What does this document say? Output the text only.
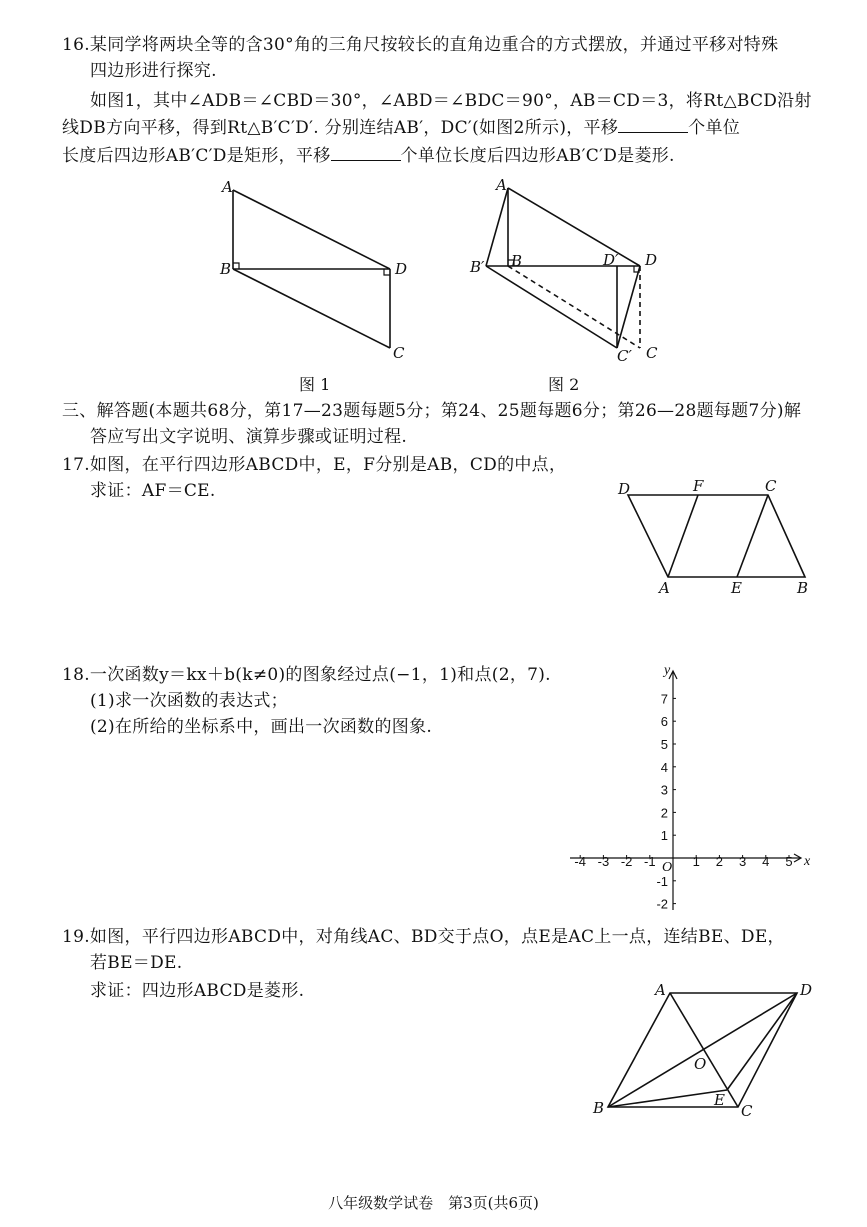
16.某同学将两块全等的含30°角的三角尺按较长的直角边重合的方式摆放，并通过平移对特殊
四边形进行探究.
如图1，其中∠ADB＝∠CBD＝30°，∠ABD＝∠BDC＝90°，AB＝CD＝3，将Rt△BCD沿射
线DB方向平移，得到Rt△B′C′D′. 分别连结AB′，DC′(如图2所示)，平移	个单位
长度后四边形AB′C′D是矩形，平移	个单位长度后四边形AB′C′D是菱形.
A
B	D
C
图 1
A
B′ B	D′ D
C′ C
图 2
三、解答题(本题共68分，第17—23题每题5分；第24、25题每题6分；第26—28题每题7分)解
答应写出文字说明、演算步骤或证明过程.
17.如图，在平行四边形ABCD中，E，F分别是AB，CD的中点，
求证：AF＝CE.	D	F	C
A	E	B
18.一次函数y＝kx＋b(k≠0)的图象经过点(−1，1)和点(2，7).
(1)求一次函数的表达式；
(2)在所给的坐标系中，画出一次函数的图象.
-4 -3 -2 -1	1 2 3 4 5
7
6
5
4
3
2
1
-1
-2
x
y
O
19.如图，平行四边形ABCD中，对角线AC、BD交于点O，点E是AC上一点，连结BE、DE，
若BE＝DE.
求证：四边形ABCD是菱形.	A	D
O
B	E
C
八年级数学试卷　第3页(共6页)
